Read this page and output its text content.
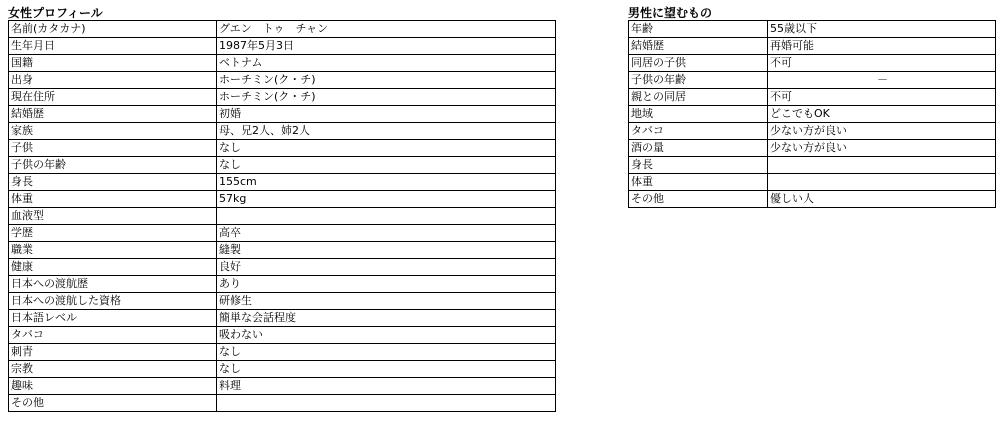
女性プロフィール
名前(カタカナ)	グエン　トゥ　チャン
生年月日	1987年5月3日
国籍	ベトナム
出身	ホーチミン(ク・チ)
現在住所	ホーチミン(ク・チ)
結婚歴	初婚
家族	母、兄2人、姉2人
子供	なし
子供の年齢	なし
身長	155cm
体重	57kg
血液型	
学歴	高卒
職業	縫製
健康	良好
日本への渡航歴	あり
日本への渡航した資格	研修生
日本語レベル	簡単な会話程度
タバコ	吸わない
刺青	なし
宗教	なし
趣味	料理
その他	
男性に望むもの
年齢	55歳以下
結婚歴	再婚可能
同居の子供	不可
子供の年齢	－
親との同居	不可
地域	どこでもOK
タバコ	少ない方が良い
酒の量	少ない方が良い
身長	
体重	
その他	優しい人
